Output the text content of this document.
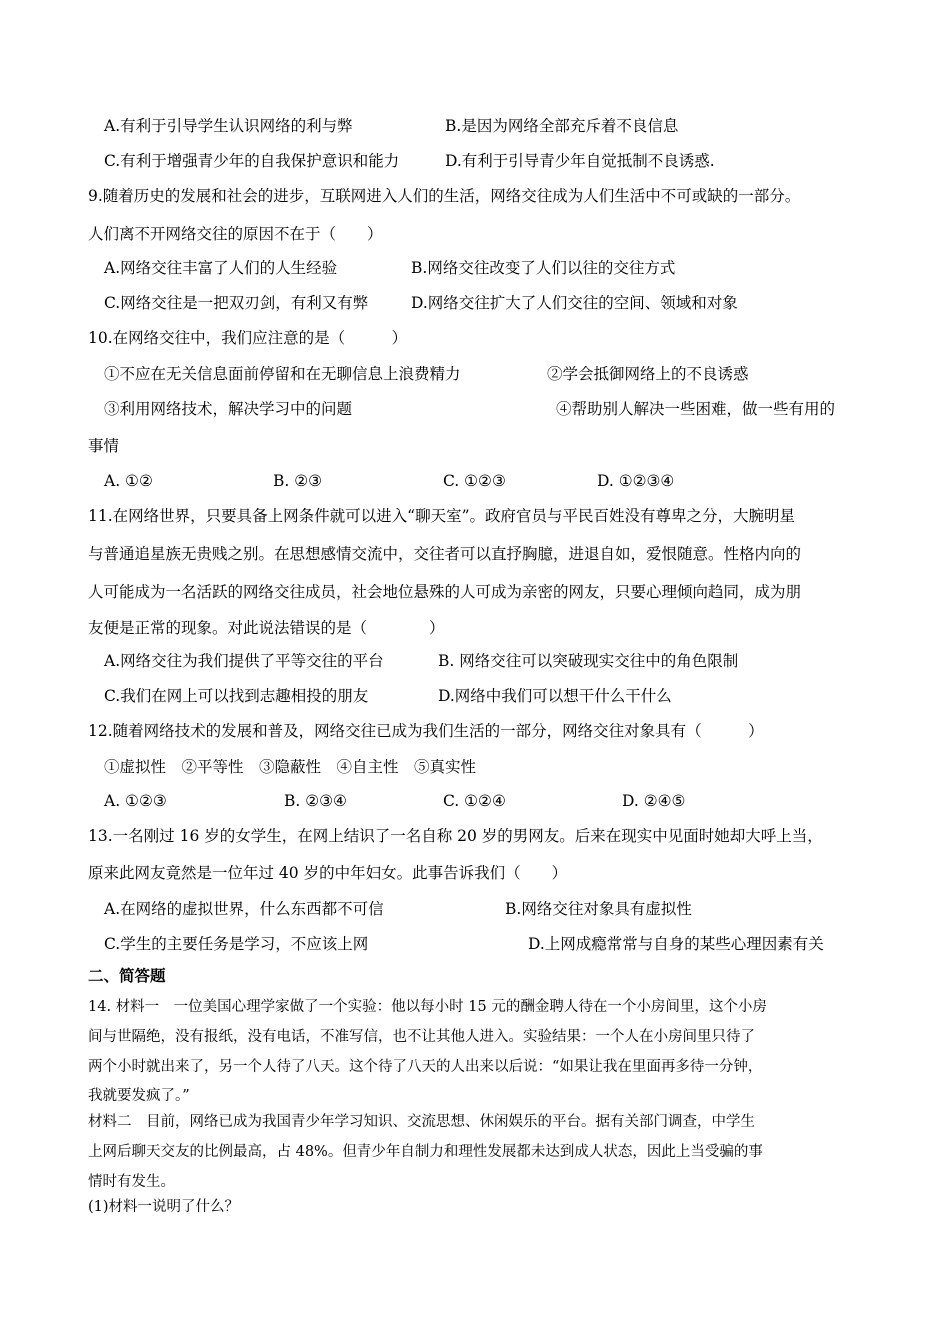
A.有利于引导学生认识网络的利与弊	B.是因为网络全部充斥着不良信息
C.有利于增强青少年的自我保护意识和能力	D.有利于引导青少年自觉抵制不良诱惑.
9.随着历史的发展和社会的进步，互联网进入人们的生活，网络交往成为人们生活中不可或缺的一部分。
人们离不开网络交往的原因不在于（　　）
A.网络交往丰富了人们的人生经验	B.网络交往改变了人们以往的交往方式
C.网络交往是一把双刃剑，有利又有弊	D.网络交往扩大了人们交往的空间、领域和对象
10.在网络交往中，我们应注意的是（　　　）
①不应在无关信息面前停留和在无聊信息上浪费精力	②学会抵御网络上的不良诱惑
③利用网络技术，解决学习中的问题	④帮助别人解决一些困难，做一些有用的
事情
A. ①②	B. ②③	C. ①②③	D. ①②③④
11.在网络世界，只要具备上网条件就可以进入“聊天室”。政府官员与平民百姓没有尊卑之分，大腕明星
与普通追星族无贵贱之别。在思想感情交流中，交往者可以直抒胸臆，进退自如，爱恨随意。性格内向的
人可能成为一名活跃的网络交往成员，社会地位悬殊的人可成为亲密的网友，只要心理倾向趋同，成为朋
友便是正常的现象。对此说法错误的是（　　　　）
A.网络交往为我们提供了平等交往的平台	B. 网络交往可以突破现实交往中的角色限制
C.我们在网上可以找到志趣相投的朋友	D.网络中我们可以想干什么干什么
12.随着网络技术的发展和普及，网络交往已成为我们生活的一部分，网络交往对象具有（　　　）
①虚拟性　②平等性　③隐蔽性　④自主性　⑤真实性
A. ①②③	B. ②③④	C. ①②④	D. ②④⑤
13.一名刚过 16 岁的女学生，在网上结识了一名自称 20 岁的男网友。后来在现实中见面时她却大呼上当，
原来此网友竟然是一位年过 40 岁的中年妇女。此事告诉我们（　　）
A.在网络的虚拟世界，什么东西都不可信	B.网络交往对象具有虚拟性
C.学生的主要任务是学习，不应该上网	D.上网成瘾常常与自身的某些心理因素有关
二、简答题
14. 材料一　一位美国心理学家做了一个实验：他以每小时 15 元的酬金聘人待在一个小房间里，这个小房
间与世隔绝，没有报纸，没有电话，不准写信，也不让其他人进入。实验结果：一个人在小房间里只待了
两个小时就出来了，另一个人待了八天。这个待了八天的人出来以后说：“如果让我在里面再多待一分钟，
我就要发疯了。”
材料二　目前，网络已成为我国青少年学习知识、交流思想、休闲娱乐的平台。据有关部门调查，中学生
上网后聊天交友的比例最高，占 48%。但青少年自制力和理性发展都未达到成人状态，因此上当受骗的事
情时有发生。
(1)材料一说明了什么？
